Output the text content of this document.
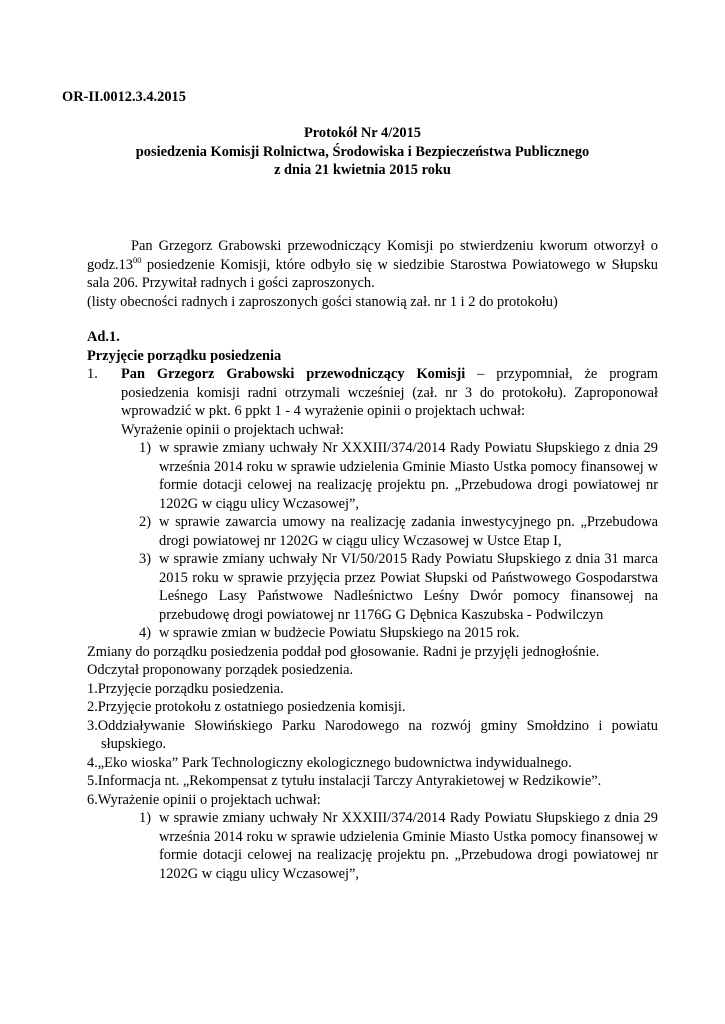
OR-II.0012.3.4.2015

Protokół Nr 4/2015
posiedzenia Komisji Rolnictwa, Środowiska i Bezpieczeństwa Publicznego
z dnia 21 kwietnia 2015 roku

Pan Grzegorz Grabowski przewodniczący Komisji po stwierdzeniu kworum otworzył o $godz.13^{00}$ posiedzenie Komisji, które odbyło się w siedzibie Starostwa Powiatowego w Słupsku sala 206. Przywitał radnych i gości zaproszonych.

(listy obecności radnych i zaproszonych gości stanowią zał. nr 1 i 2 do protokołu)

Ad.1.

Przyjęcie porządku posiedzenia

1. Pan Grzegorz Grabowski przewodniczący Komisji – przypomniał, że program posiedzenia komisji radni otrzymali wcześniej (zał. nr 3 do protokołu). Zaproponował wprowadzić w pkt. 6 ppkt 1 - 4 wyrażenie opinii o projektach uchwał:

Wyrażenie opinii o projektach uchwał:

1) w sprawie zmiany uchwały Nr XXXIII/374/2014 Rady Powiatu Słupskiego z dnia 29 września 2014 roku w sprawie udzielenia Gminie Miasto Ustka pomocy finansowej w formie dotacji celowej na realizację projektu pn. „Przebudowa drogi powiatowej nr 1202G w ciągu ulicy Wczasowej”,

2) w sprawie zawarcia umowy na realizację zadania inwestycyjnego pn. „Przebudowa drogi powiatowej nr 1202G w ciągu ulicy Wczasowej w Ustce Etap I,

3) w sprawie zmiany uchwały Nr VI/50/2015 Rady Powiatu Słupskiego z dnia 31 marca 2015 roku w sprawie przyjęcia przez Powiat Słupski od Państwowego Gospodarstwa Leśnego Lasy Państwowe Nadleśnictwo Leśny Dwór pomocy finansowej na przebudowę drogi powiatowej nr 1176G G Dębnica Kaszubska - Podwilczyn

4) w sprawie zmian w budżecie Powiatu Słupskiego na 2015 rok.

Zmiany do porządku posiedzenia poddał pod głosowanie. Radni je przyjęli jednogłośnie.

Odczytał proponowany porządek posiedzenia.

1.Przyjęcie porządku posiedzenia.

2.Przyjęcie protokołu z ostatniego posiedzenia komisji.

3.Oddziaływanie Słowińskiego Parku Narodowego na rozwój gminy Smołdzino i powiatu słupskiego.

4.„Eko wioska” Park Technologiczny ekologicznego budownictwa indywidualnego.

5.Informacja nt. „Rekompensat z tytułu instalacji Tarczy Antyrakietowej w Redzikowie”.

6.Wyrażenie opinii o projektach uchwał:

1) w sprawie zmiany uchwały Nr XXXIII/374/2014 Rady Powiatu Słupskiego z dnia 29 września 2014 roku w sprawie udzielenia Gminie Miasto Ustka pomocy finansowej w formie dotacji celowej na realizację projektu pn. „Przebudowa drogi powiatowej nr 1202G w ciągu ulicy Wczasowej”,
